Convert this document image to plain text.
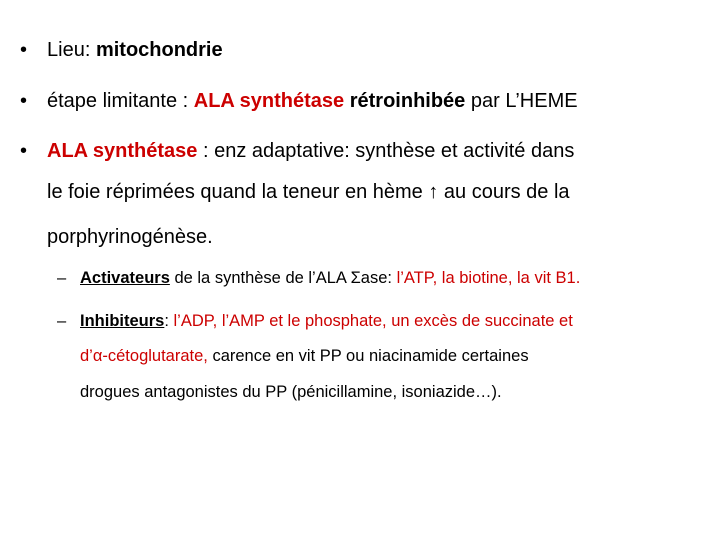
• Lieu: mitochondrie
• étape limitante : ALA synthétase rétroinhibée par L’HEME
• ALA synthétase : enz adaptative: synthèse et activité dans
le foie réprimées quand la teneur en hème ↑ au cours de la
porphyrinogénèse.
– Activateurs de la synthèse de l’ALA Σase: l’ATP, la biotine, la vit B1.
– Inhibiteurs: l’ADP, l’AMP et le phosphate, un excès de succinate et
d’α-cétoglutarate, carence en vit PP ou niacinamide certaines
drogues antagonistes du PP (pénicillamine, isoniazide…).
